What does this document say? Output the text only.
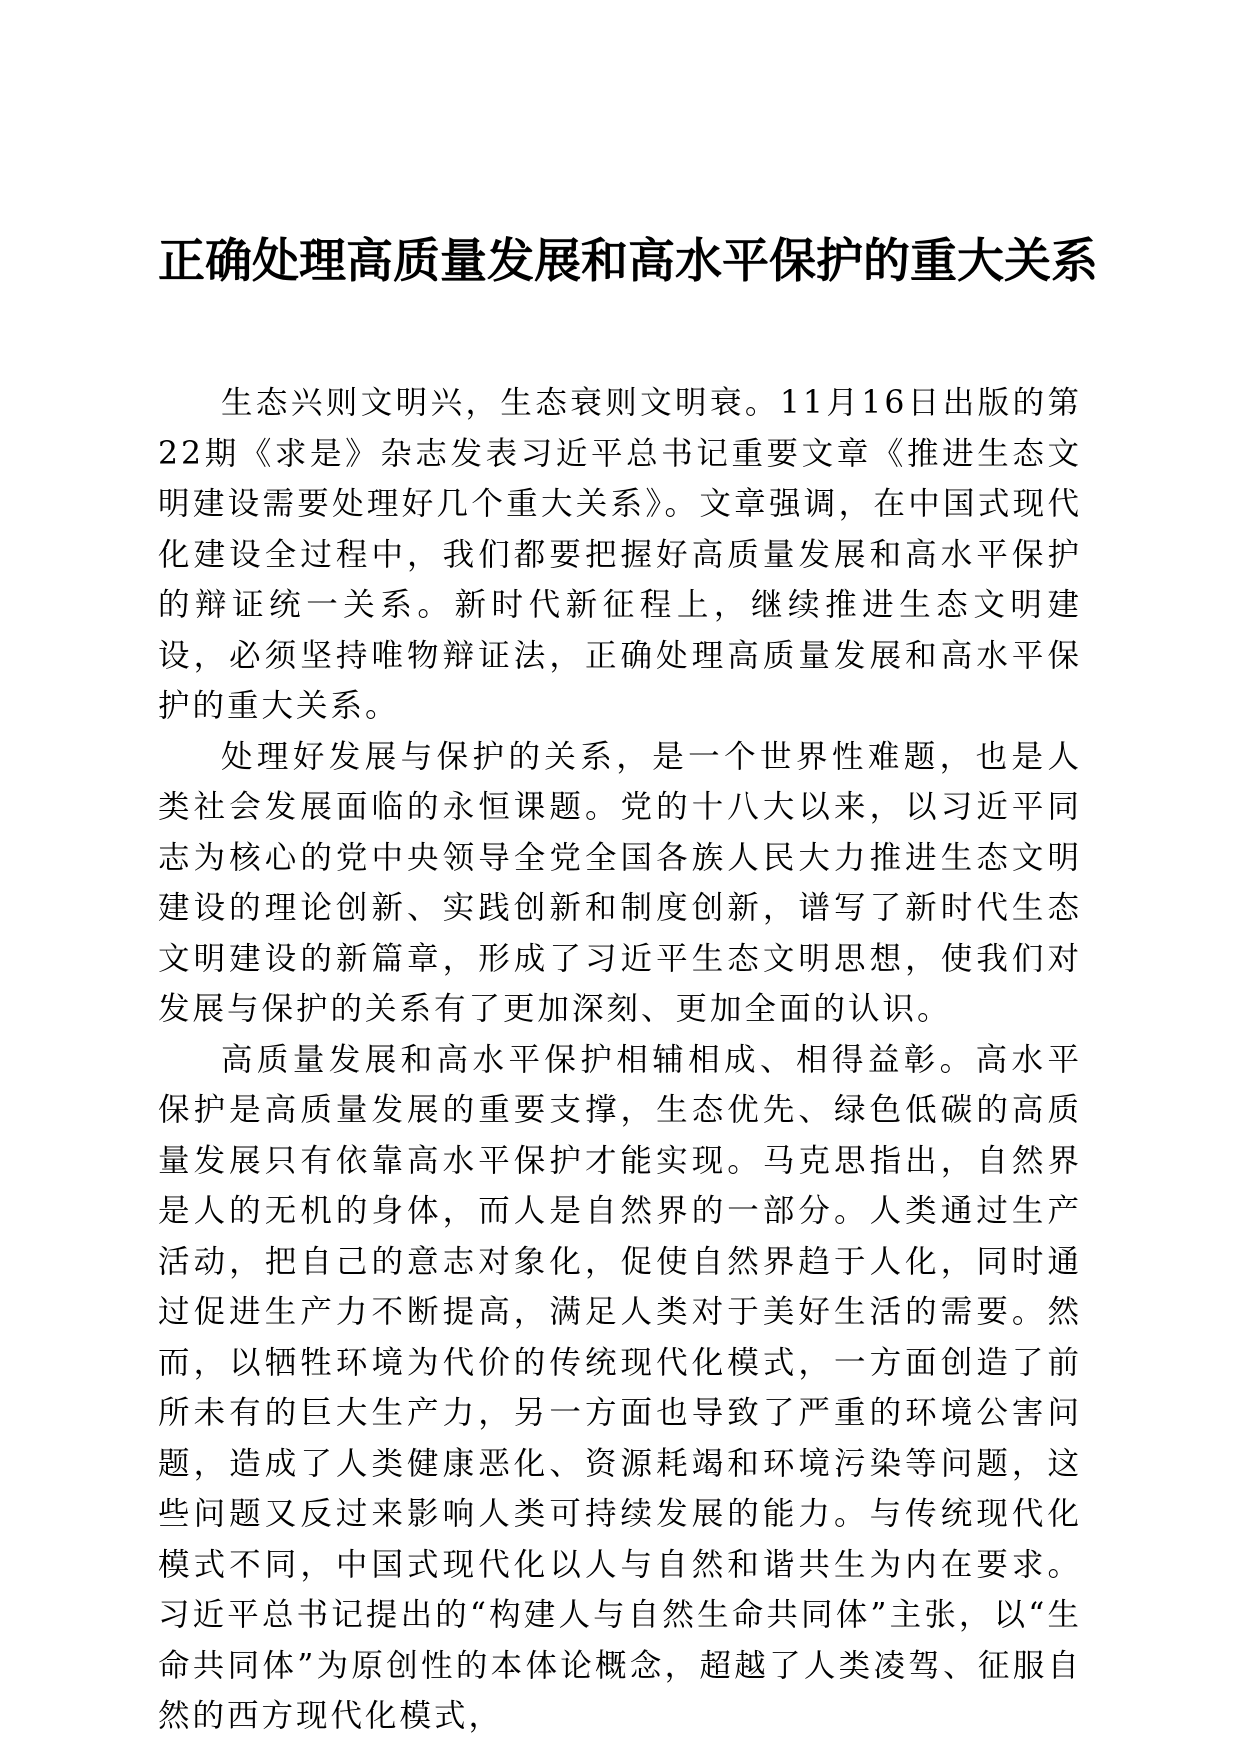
正确处理高质量发展和高水平保护的重大关系

生态兴则文明兴，生态衰则文明衰。11月16日出版的第22期《求是》杂志发表习近平总书记重要文章《推进生态文明建设需要处理好几个重大关系》。文章强调，在中国式现代化建设全过程中，我们都要把握好高质量发展和高水平保护的辩证统一关系。新时代新征程上，继续推进生态文明建设，必须坚持唯物辩证法，正确处理高质量发展和高水平保护的重大关系。

处理好发展与保护的关系，是一个世界性难题，也是人类社会发展面临的永恒课题。党的十八大以来，以习近平同志为核心的党中央领导全党全国各族人民大力推进生态文明建设的理论创新、实践创新和制度创新，谱写了新时代生态文明建设的新篇章，形成了习近平生态文明思想，使我们对发展与保护的关系有了更加深刻、更加全面的认识。

高质量发展和高水平保护相辅相成、相得益彰。高水平保护是高质量发展的重要支撑，生态优先、绿色低碳的高质量发展只有依靠高水平保护才能实现。马克思指出，自然界是人的无机的身体，而人是自然界的一部分。人类通过生产活动，把自己的意志对象化，促使自然界趋于人化，同时通过促进生产力不断提高，满足人类对于美好生活的需要。然而，以牺牲环境为代价的传统现代化模式，一方面创造了前所未有的巨大生产力，另一方面也导致了严重的环境公害问题，造成了人类健康恶化、资源耗竭和环境污染等问题，这些问题又反过来影响人类可持续发展的能力。与传统现代化模式不同，中国式现代化以人与自然和谐共生为内在要求。习近平总书记提出的“构建人与自然生命共同体”主张，以“生命共同体”为原创性的本体论概念，超越了人类凌驾、征服自然的西方现代化模式，
